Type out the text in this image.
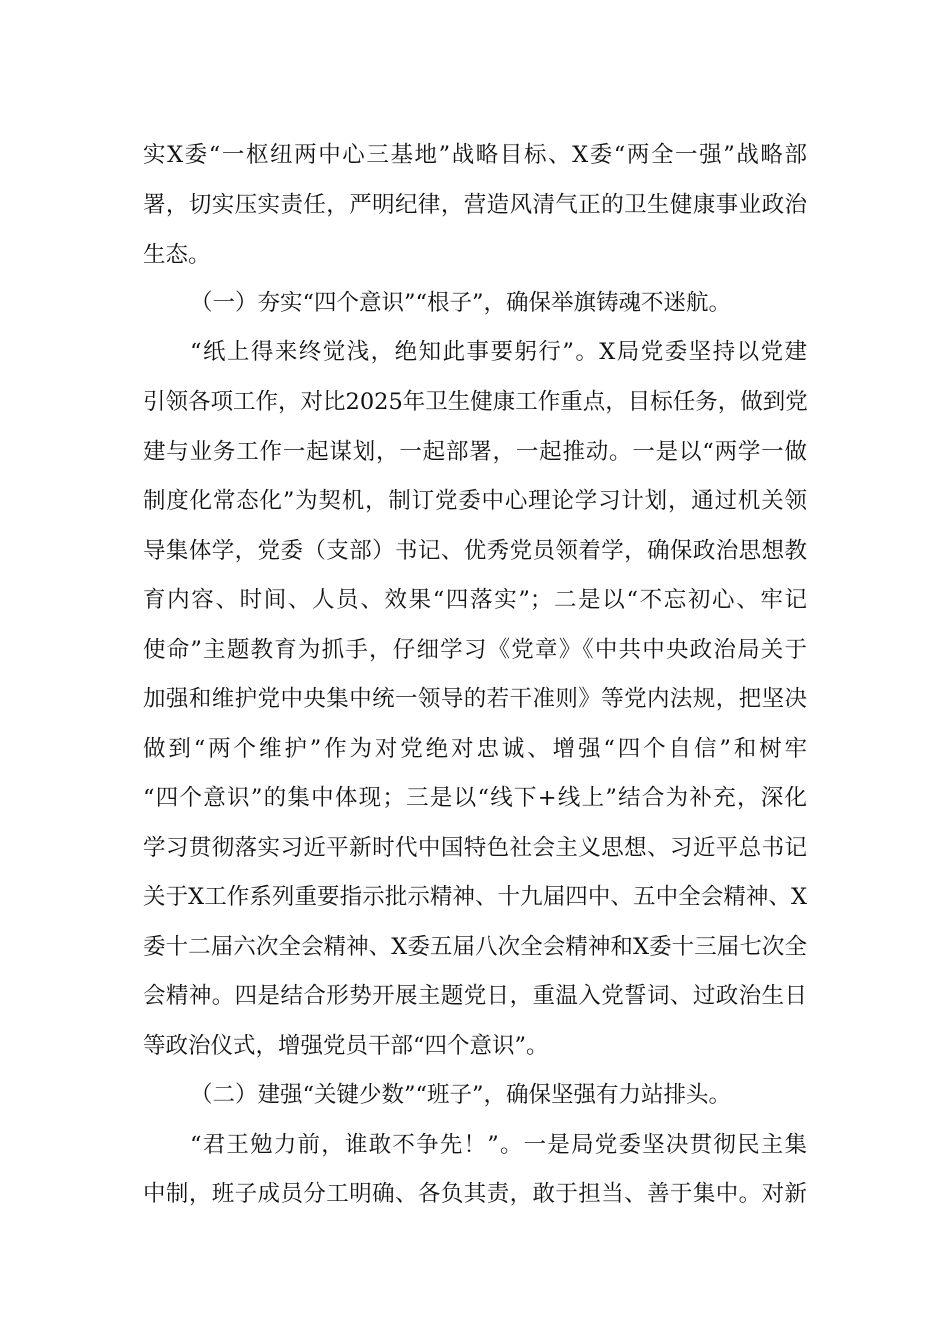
实X委“一枢纽两中心三基地”战略目标、X委“两全一强”战略部
署，切实压实责任，严明纪律，营造风清气正的卫生健康事业政治
生态。
（一）夯实“四个意识”“根子”，确保举旗铸魂不迷航。
“纸上得来终觉浅，绝知此事要躬行”。X局党委坚持以党建
引领各项工作，对比2025年卫生健康工作重点，目标任务，做到党
建与业务工作一起谋划，一起部署，一起推动。一是以“两学一做
制度化常态化”为契机，制订党委中心理论学习计划，通过机关领
导集体学，党委（支部）书记、优秀党员领着学，确保政治思想教
育内容、时间、人员、效果“四落实”；二是以“不忘初心、牢记
使命”主题教育为抓手，仔细学习《党章》《中共中央政治局关于
加强和维护党中央集中统一领导的若干准则》等党内法规，把坚决
做到“两个维护”作为对党绝对忠诚、增强“四个自信”和树牢
“四个意识”的集中体现；三是以“线下+线上”结合为补充，深化
学习贯彻落实习近平新时代中国特色社会主义思想、习近平总书记
关于X工作系列重要指示批示精神、十九届四中、五中全会精神、X
委十二届六次全会精神、X委五届八次全会精神和X委十三届七次全
会精神。四是结合形势开展主题党日，重温入党誓词、过政治生日
等政治仪式，增强党员干部“四个意识”。
（二）建强“关键少数”“班子”，确保坚强有力站排头。
“君王勉力前，谁敢不争先！”。一是局党委坚决贯彻民主集
中制，班子成员分工明确、各负其责，敢于担当、善于集中。对新
